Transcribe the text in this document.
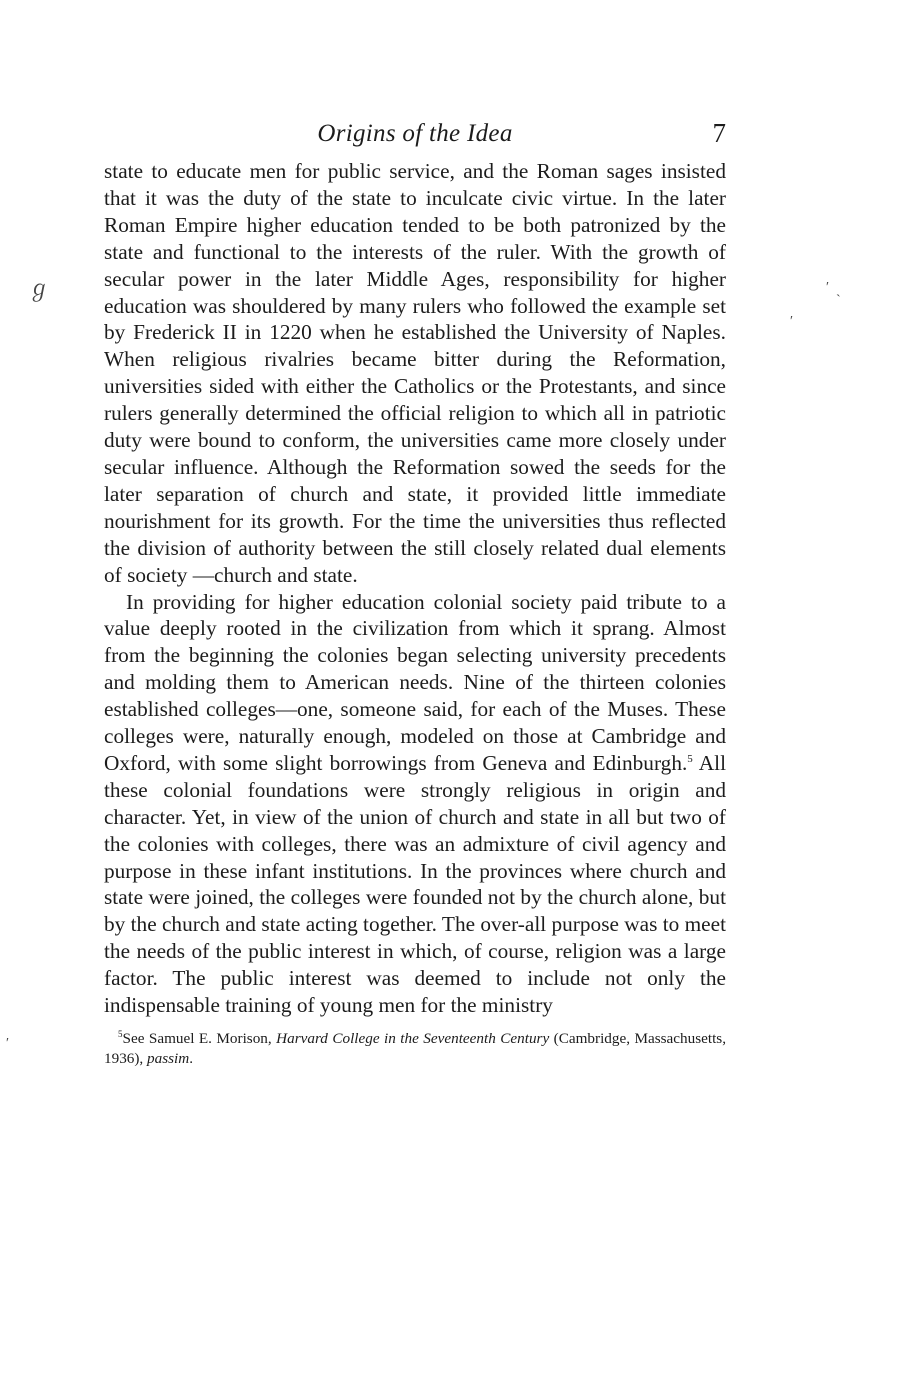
Origins of the Idea	7

state to educate men for public service, and the Roman sages insisted that it was the duty of the state to inculcate civic virtue. In the later Roman Empire higher education tended to be both patronized by the state and functional to the interests of the ruler. With the growth of secular power in the later Middle Ages, responsibility for higher education was shouldered by many rulers who followed the example set by Frederick II in 1220 when he established the University of Naples. When religious rivalries became bitter during the Reformation, universities sided with either the Catholics or the Protestants, and since rulers generally determined the official religion to which all in patriotic duty were bound to conform, the universities came more closely under secular influence. Although the Reformation sowed the seeds for the later separation of church and state, it provided little immediate nourishment for its growth. For the time the universities thus reflected the division of authority between the still closely related dual elements of society —church and state.

In providing for higher education colonial society paid tribute to a value deeply rooted in the civilization from which it sprang. Almost from the beginning the colonies began selecting university precedents and molding them to American needs. Nine of the thirteen colonies established colleges—one, someone said, for each of the Muses. These colleges were, naturally enough, modeled on those at Cambridge and Oxford, with some slight borrowings from Geneva and Edinburgh.$^5$ All these colonial foundations were strongly religious in origin and character. Yet, in view of the union of church and state in all but two of the colonies with colleges, there was an admixture of civil agency and purpose in these infant institutions. In the provinces where church and state were joined, the colleges were founded not by the church alone, but by the church and state acting together. The over-all purpose was to meet the needs of the public interest in which, of course, religion was a large factor. The public interest was deemed to include not only the indispensable training of young men for the ministry

$^5$See Samuel E. Morison, Harvard College in the Seventeenth Century (Cambridge, Massachusetts, 1936), passim.
ℊ	′
ˋ
′
′
